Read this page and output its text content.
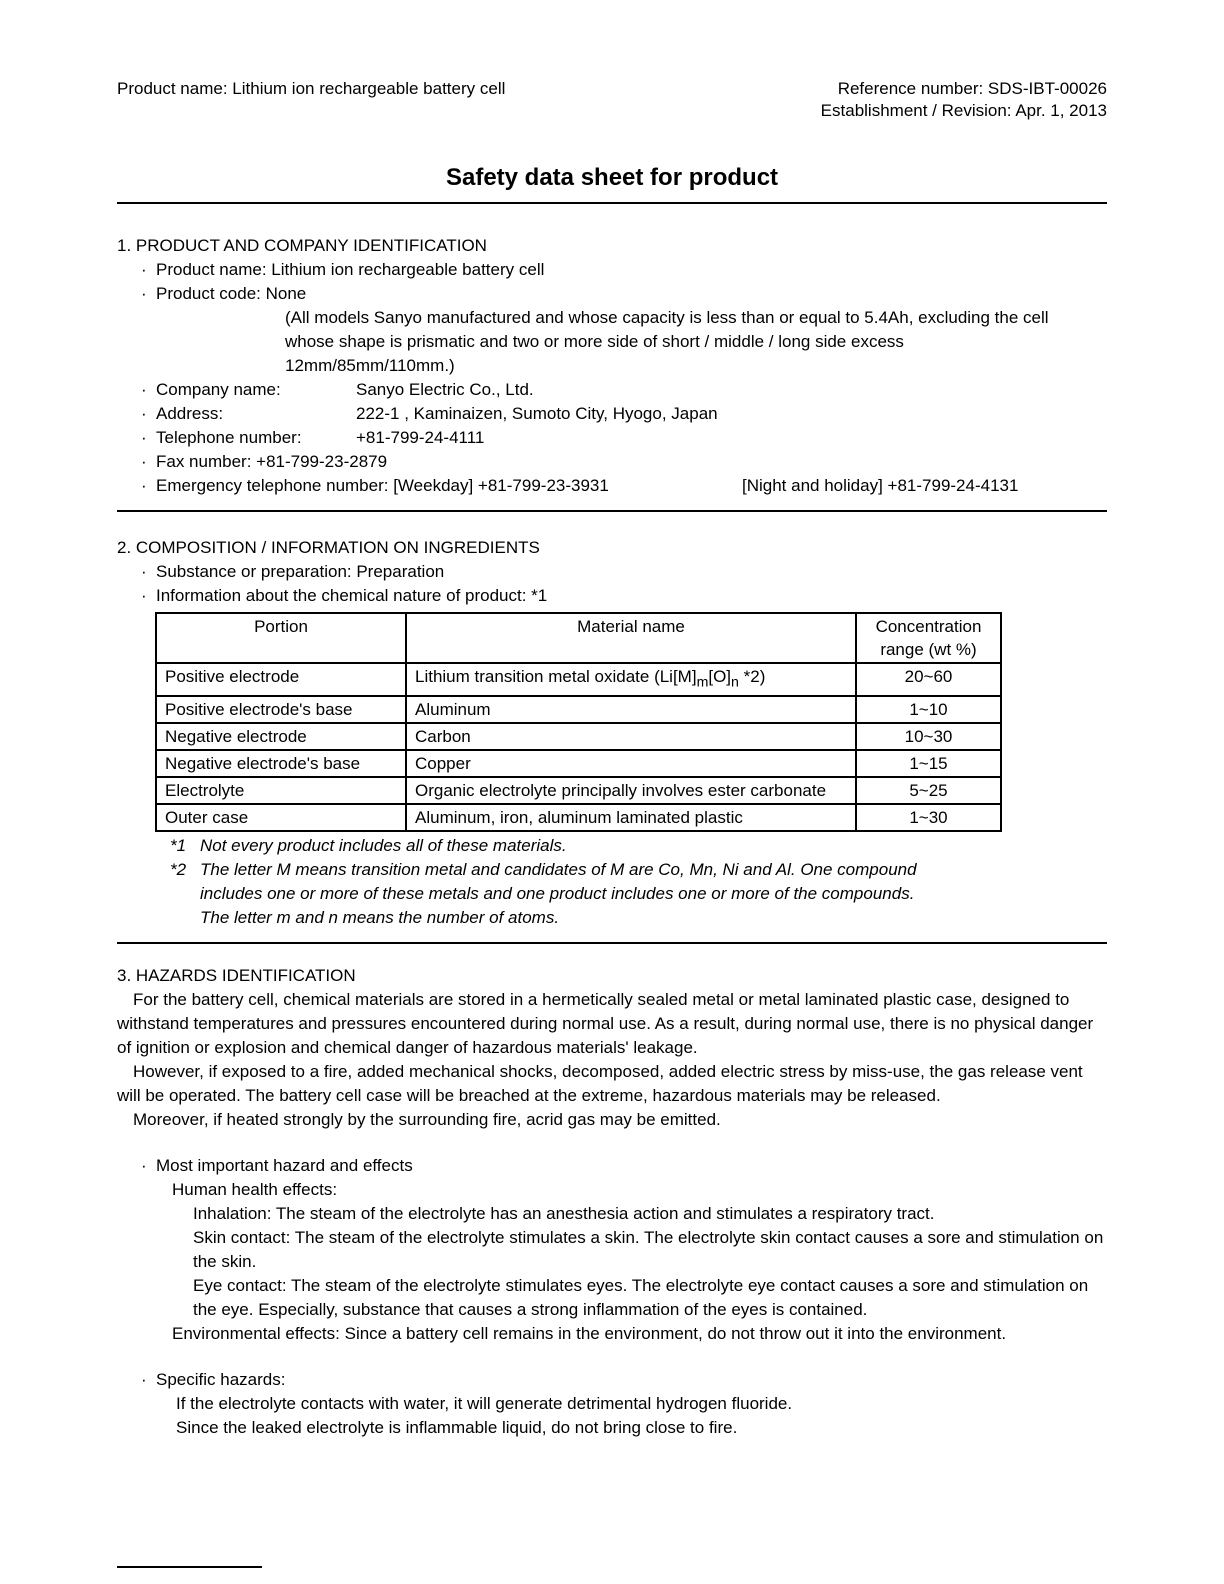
Product name: Lithium ion rechargeable battery cell	Reference number: SDS-IBT-00026
Establishment / Revision: Apr. 1, 2013
Safety data sheet for product
1. PRODUCT AND COMPANY IDENTIFICATION
· Product name: Lithium ion rechargeable battery cell
· Product code: None
(All models Sanyo manufactured and whose capacity is less than or equal to 5.4Ah, excluding the cell whose shape is prismatic and two or more side of short / middle / long side excess 12mm/85mm/110mm.)
· Company name:	Sanyo Electric Co., Ltd.
· Address:	222-1 , Kaminaizen, Sumoto City, Hyogo, Japan
· Telephone number:	+81-799-24-4111
· Fax number: +81-799-23-2879
· Emergency telephone number: [Weekday] +81-799-23-3931	[Night and holiday] +81-799-24-4131
2. COMPOSITION / INFORMATION ON INGREDIENTS
· Substance or preparation: Preparation
· Information about the chemical nature of product: *1
Portion	Material name	Concentration range (wt %)
Positive electrode	Lithium transition metal oxidate ($Li[M]_m[O]_n$ *2)	20~60
Positive electrode's base	Aluminum	1~10
Negative electrode	Carbon	10~30
Negative electrode's base	Copper	1~15
Electrolyte	Organic electrolyte principally involves ester carbonate	5~25
Outer case	Aluminum, iron, aluminum laminated plastic	1~30
*1 Not every product includes all of these materials.
*2 The letter M means transition metal and candidates of M are Co, Mn, Ni and Al. One compound includes one or more of these metals and one product includes one or more of the compounds.
The letter m and n means the number of atoms.
3. HAZARDS IDENTIFICATION

For the battery cell, chemical materials are stored in a hermetically sealed metal or metal laminated plastic case, designed to withstand temperatures and pressures encountered during normal use. As a result, during normal use, there is no physical danger of ignition or explosion and chemical danger of hazardous materials' leakage.

However, if exposed to a fire, added mechanical shocks, decomposed, added electric stress by miss-use, the gas release vent will be operated. The battery cell case will be breached at the extreme, hazardous materials may be released.

Moreover, if heated strongly by the surrounding fire, acrid gas may be emitted.

· Most important hazard and effects
Human health effects:
Inhalation: The steam of the electrolyte has an anesthesia action and stimulates a respiratory tract.
Skin contact: The steam of the electrolyte stimulates a skin. The electrolyte skin contact causes a sore and stimulation on the skin.
Eye contact: The steam of the electrolyte stimulates eyes. The electrolyte eye contact causes a sore and stimulation on the eye. Especially, substance that causes a strong inflammation of the eyes is contained.
Environmental effects: Since a battery cell remains in the environment, do not throw out it into the environment.
· Specific hazards:
If the electrolyte contacts with water, it will generate detrimental hydrogen fluoride.
Since the leaked electrolyte is inflammable liquid, do not bring close to fire.
